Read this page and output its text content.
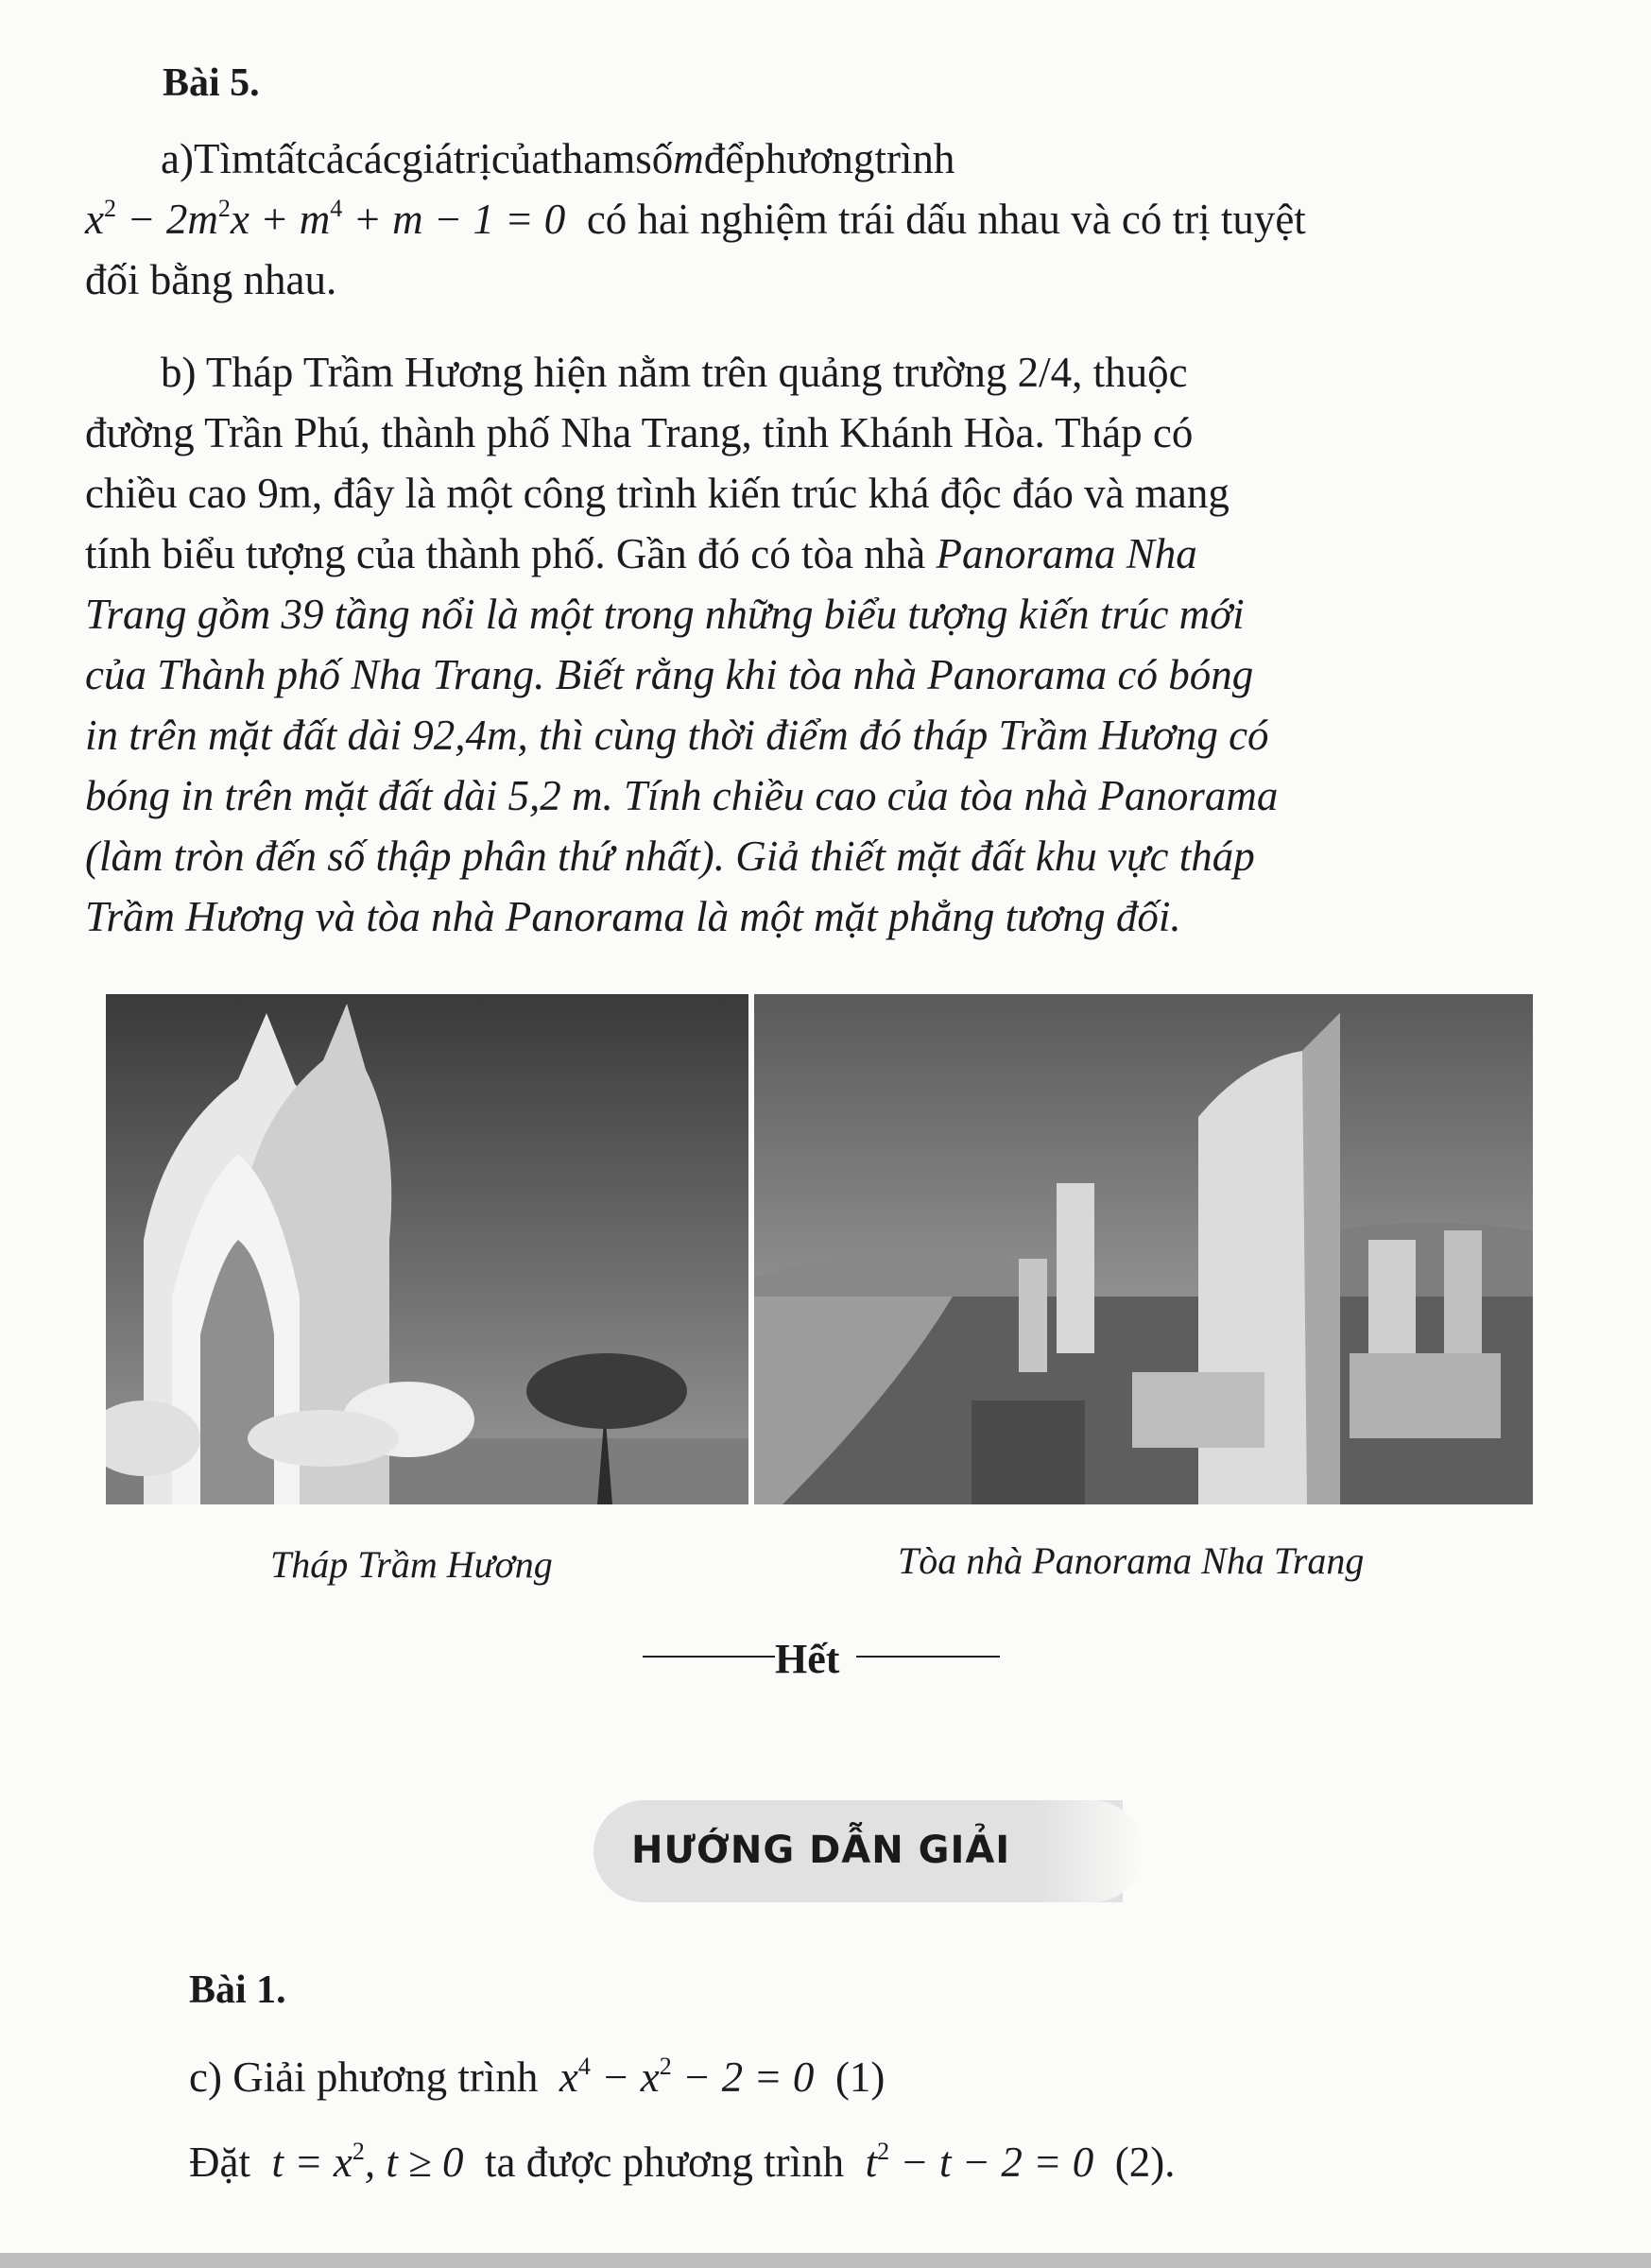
Bài 5.
a)Tìmtấtcảcácgiátrịcủathamsốmđểphươngtrình
$x^2 - 2m^2x + m^4 + m - 1 = 0$ có hai nghiệm trái dấu nhau và có trị tuyệt
đối bằng nhau.
b) Tháp Trầm Hương hiện nằm trên quảng trường 2/4, thuộc
đường Trần Phú, thành phố Nha Trang, tỉnh Khánh Hòa. Tháp có
chiều cao 9m, đây là một công trình kiến trúc khá độc đáo và mang
tính biểu tượng của thành phố. Gần đó có tòa nhà Panorama Nha
Trang gồm 39 tầng nổi là một trong những biểu tượng kiến trúc mới
của Thành phố Nha Trang. Biết rằng khi tòa nhà Panorama có bóng
in trên mặt đất dài 92,4m, thì cùng thời điểm đó tháp Trầm Hương có
bóng in trên mặt đất dài 5,2 m. Tính chiều cao của tòa nhà Panorama
(làm tròn đến số thập phân thứ nhất). Giả thiết mặt đất khu vực tháp
Trầm Hương và tòa nhà Panorama là một mặt phẳng tương đối.
Tháp Trầm Hương	Tòa nhà Panorama Nha Trang
Hết
HƯỚNG DẪN GIẢI
Bài 1.
c) Giải phương trình $x^4 - x^2 - 2 = 0$ (1)
Đặt $t = x^2$, t ≥ 0 ta được phương trình $t^2 - t - 2 = 0$ (2).
